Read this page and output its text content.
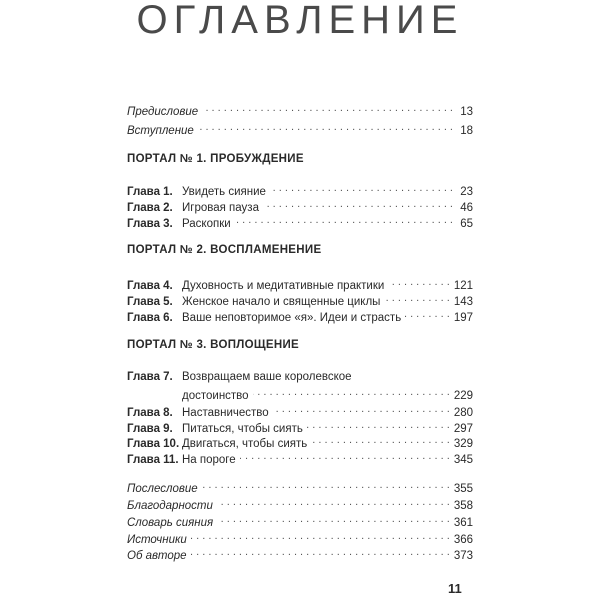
ОГЛАВЛЕНИЕ
Предисловие . . .	13
Вступление . . .	18
ПОРТАЛ № 1. ПРОБУЖДЕНИЕ
Глава 1. Увидеть сияние . . .	23
Глава 2. Игровая пауза . . .	46
Глава 3. Раскопки . . .	65
ПОРТАЛ № 2. ВОСПЛАМЕНЕНИЕ
Глава 4. Духовность и медитативные практики . . .	121
Глава 5. Женское начало и священные циклы . . .	143
Глава 6. Ваше неповторимое «я». Идеи и страсть . . .	197
ПОРТАЛ № 3. ВОПЛОЩЕНИЕ
Глава 7. Возвращаем ваше королевское
достоинство . . .	229
Глава 8. Наставничество . . .	280
Глава 9. Питаться, чтобы сиять . . .	297
Глава 10. Двигаться, чтобы сиять . . .	329
Глава 11. На пороге . . .	345
Послесловие . . .	355
Благодарности . . .	358
Словарь сияния . . .	361
Источники . . .	366
Об авторе . . .	373
11
